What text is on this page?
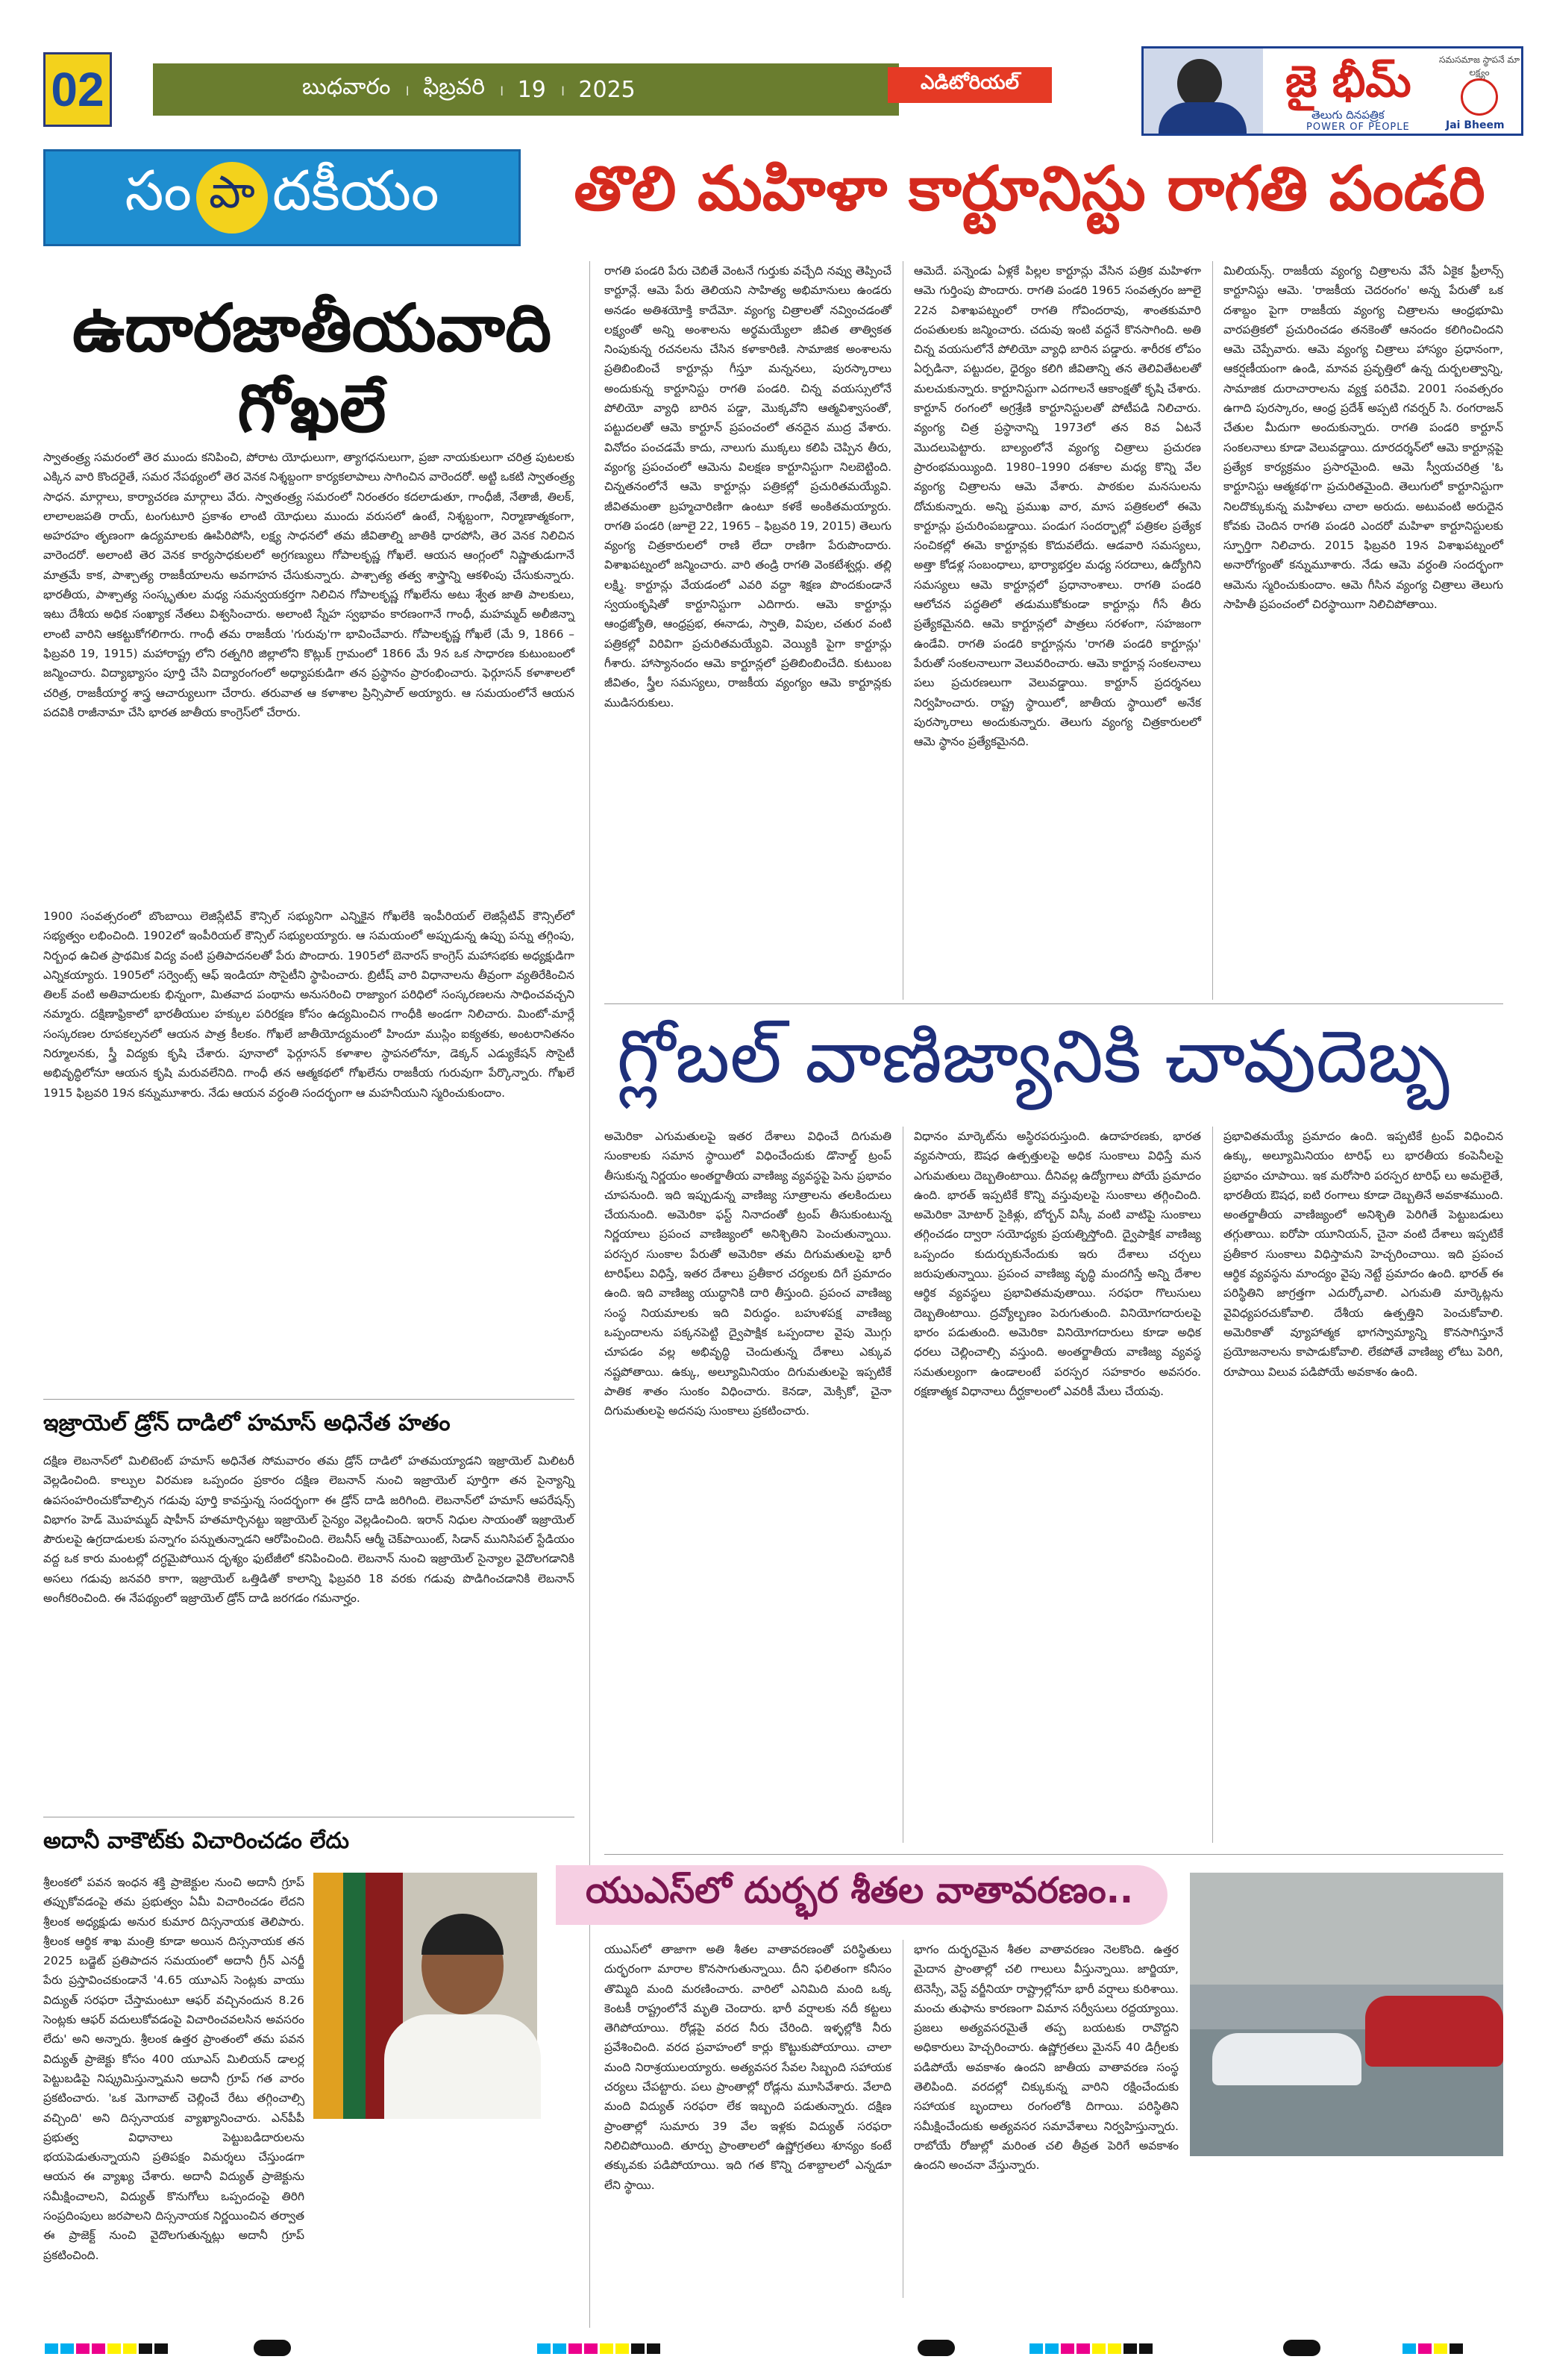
02	బుధవారం । ఫిబ్రవరి । 19 । 2025	ఎడిటోరియల్	జై భీమ్
తెలుగు దినపత్రిక
POWER OF PEOPLE
సమసమాజ స్థాపనే మా లక్ష్యం
Jai Bheem
సం పా దకీయం
ఉదారజాతీయవాది
గోఖలే
స్వాతంత్ర్య సమరంలో తెర ముందు కనిపించి, పోరాట యోధులుగా, త్యాగధనులుగా, ప్రజా నాయకులుగా చరిత్ర పుటలకు ఎక్కిన వారి కొందరైతే, సమర నేపథ్యంలో తెర వెనక నిశ్శబ్దంగా కార్యకలాపాలు సాగించిన వారెందరో. అట్టి ఒకటి స్వాతంత్ర్య సాధన. మార్గాలు, కార్యాచరణ మార్గాలు వేరు. స్వాతంత్ర్య సమరంలో నిరంతరం కదలాడుతూ, గాంధీజీ, నేతాజీ, తిలక్, లాలాలజపతి రాయ్, టంగుటూరి ప్రకాశం లాంటి యోధులు ముందు వరుసలో ఉంటే, నిశ్శబ్దంగా, నిర్మాణాత్మకంగా, అహరహం తృణంగా ఉద్యమాలకు ఊపిరిపోసి, లక్ష్య సాధనలో తమ జీవితాల్ని జాతికి ధారపోసి, తెర వెనక నిలిచిన వారెందరో. అలాంటి తెర వెనక కార్యసాధకులలో అగ్రగణ్యులు గోపాలకృష్ణ గోఖలే. ఆయన ఆంగ్లంలో నిష్ణాతుడుగానే మాత్రమే కాక, పాశ్చాత్య రాజకీయాలను అవగాహన చేసుకున్నారు. పాశ్చాత్య తత్వ శాస్త్రాన్ని ఆకళింపు చేసుకున్నారు. భారతీయ, పాశ్చాత్య సంస్కృతుల మధ్య సమన్వయకర్తగా నిలిచిన గోపాలకృష్ణ గోఖలేను అటు శ్వేత జాతి పాలకులు, ఇటు దేశీయ అధిక సంఖ్యాక నేతలు విశ్వసించారు. అలాంటి స్నేహ స్వభావం కారణంగానే గాంధీ, మహమ్మద్ అలీజిన్నా లాంటి వారిని ఆకట్టుకోగలిగారు. గాంధీ తమ రాజకీయ 'గురువు'గా భావించేవారు. గోపాలకృష్ణ గోఖలే (మే 9, 1866 – ఫిబ్రవరి 19, 1915) మహారాష్ట్ర లోని రత్నగిరి జిల్లాలోని కొట్లుక్ గ్రామంలో 1866 మే 9న ఒక సాధారణ కుటుంబంలో జన్మించారు. విద్యాభ్యాసం పూర్తి చేసి విద్యారంగంలో అధ్యాపకుడిగా తన ప్రస్థానం ప్రారంభించారు. ఫెర్గూసన్ కళాశాలలో చరిత్ర, రాజకీయార్థ శాస్త్ర ఆచార్యులుగా చేరారు. తరువాత ఆ కళాశాల ప్రిన్సిపాల్ అయ్యారు. ఆ సమయంలోనే ఆయన పదవికి రాజీనామా చేసి భారత జాతీయ కాంగ్రెస్‌లో చేరారు.
1900 సంవత్సరంలో బొంబాయి లెజిస్లేటివ్ కౌన్సిల్ సభ్యునిగా ఎన్నికైన గోఖలేకి ఇంపీరియల్ లెజిస్లేటివ్ కౌన్సిల్‌లో సభ్యత్వం లభించింది. 1902లో ఇంపీరియల్ కౌన్సిల్ సభ్యులయ్యారు. ఆ సమయంలో అప్పుడున్న ఉప్పు పన్ను తగ్గింపు, నిర్బంధ ఉచిత ప్రాథమిక విద్య వంటి ప్రతిపాదనలతో పేరు పొందారు. 1905లో బెనారస్ కాంగ్రెస్ మహాసభకు అధ్యక్షుడిగా ఎన్నికయ్యారు. 1905లో సర్వెంట్స్ ఆఫ్ ఇండియా సొసైటీని స్థాపించారు. బ్రిటీష్ వారి విధానాలను తీవ్రంగా వ్యతిరేకించిన తిలక్ వంటి అతివాదులకు భిన్నంగా, మితవాద పంథాను అనుసరించి రాజ్యాంగ పరిధిలో సంస్కరణలను సాధించవచ్చని నమ్మారు. దక్షిణాఫ్రికాలో భారతీయుల హక్కుల పరిరక్షణ కోసం ఉద్యమించిన గాంధీకి అండగా నిలిచారు. మింటో-మార్లే సంస్కరణల రూపకల్పనలో ఆయన పాత్ర కీలకం. గోఖలే జాతీయోద్యమంలో హిందూ ముస్లిం ఐక్యతకు, అంటరానితనం నిర్మూలనకు, స్త్రీ విద్యకు కృషి చేశారు. పూనాలో ఫెర్గూసన్ కళాశాల స్థాపనలోనూ, డెక్కన్ ఎడ్యుకేషన్ సొసైటీ అభివృద్ధిలోనూ ఆయన కృషి మరువలేనిది. గాంధీ తన ఆత్మకథలో గోఖలేను రాజకీయ గురువుగా పేర్కొన్నారు. గోఖలే 1915 ఫిబ్రవరి 19న కన్నుమూశారు. నేడు ఆయన వర్ధంతి సందర్భంగా ఆ మహనీయుని స్మరించుకుందాం.
ఇజ్రాయెల్ డ్రోన్ దాడిలో హమాస్ అధినేత హతం
దక్షిణ లెబనాన్‌లో మిలిటెంట్ హమాస్ అధినేత సోమవారం తమ డ్రోన్ దాడిలో హతమయ్యాడని ఇజ్రాయెల్ మిలిటరీ వెల్లడించింది. కాల్పుల విరమణ ఒప్పందం ప్రకారం దక్షిణ లెబనాన్ నుంచి ఇజ్రాయెల్ పూర్తిగా తన సైన్యాన్ని ఉపసంహరించుకోవాల్సిన గడువు పూర్తి కావస్తున్న సందర్భంగా ఈ డ్రోన్ దాడి జరిగింది. లెబనాన్‌లో హమాస్ ఆపరేషన్స్ విభాగం హెడ్ మొహమ్మద్ షాహీన్ హతమార్చినట్టు ఇజ్రాయెల్ సైన్యం వెల్లడించింది. ఇరాన్ నిధుల సాయంతో ఇజ్రాయెల్ పౌరులపై ఉగ్రదాడులకు పన్నాగం పన్నుతున్నాడని ఆరోపించింది. లెబనీస్ ఆర్మీ చెక్‌పాయింట్, సిడాన్ మునిసిపల్ స్టేడియం వద్ద ఒక కారు మంటల్లో దగ్ధమైపోయిన దృశ్యం ఫుటేజీలో కనిపించింది. లెబనాన్ నుంచి ఇజ్రాయెల్ సైన్యాల వైదొలగడానికి అసలు గడువు జనవరి కాగా, ఇజ్రాయెల్ ఒత్తిడితో కాలాన్ని ఫిబ్రవరి 18 వరకు గడువు పొడిగించడానికి లెబనాన్ అంగీకరించింది. ఈ నేపథ్యంలో ఇజ్రాయెల్ డ్రోన్ దాడి జరగడం గమనార్హం.
అదానీ వాకౌట్‌కు విచారించడం లేదు
శ్రీలంకలో పవన ఇంధన శక్తి ప్రాజెక్టుల నుంచి అదానీ గ్రూప్ తప్పుకోవడంపై తమ ప్రభుత్వం ఏమీ విచారించడం లేదని శ్రీలంక అధ్యక్షుడు అనుర కుమార దిస్సనాయక తెలిపారు. శ్రీలంక ఆర్థిక శాఖ మంత్రి కూడా అయిన దిస్సనాయక తన 2025 బడ్జెట్ ప్రతిపాదన సమయంలో అదానీ గ్రీన్ ఎనర్జీ పేరు ప్రస్తావించకుండానే '4.65 యూఎస్ సెంట్లకు వాయు విద్యుత్ సరఫరా చేస్తామంటూ ఆఫర్ వచ్చినందున 8.26 సెంట్లకు ఆఫర్ వదులుకోవడంపై విచారించవలసిన అవసరం లేదు' అని అన్నారు. శ్రీలంక ఉత్తర ప్రాంతంలో తమ పవన విద్యుత్ ప్రాజెక్టు కోసం 400 యూఎస్ మిలియన్ డాలర్ల పెట్టుబడిపై నిష్క్రమిస్తున్నామని అదానీ గ్రూప్ గత వారం ప్రకటించారు. 'ఒక మెగావాట్ చెల్లించే రేటు తగ్గించాల్సి వచ్చింది' అని దిస్సనాయక వ్యాఖ్యానించారు. ఎన్‌పీపీ ప్రభుత్వ విధానాలు పెట్టుబడిదారులను భయపెడుతున్నాయని ప్రతిపక్షం విమర్శలు చేస్తుండగా ఆయన ఈ వ్యాఖ్య చేశారు. అదానీ విద్యుత్ ప్రాజెక్టును సమీక్షించాలని, విద్యుత్ కొనుగోలు ఒప్పందంపై తిరిగి సంప్రదింపులు జరపాలని దిస్సనాయక నిర్ణయించిన తర్వాత ఈ ప్రాజెక్ట్ నుంచి వైదొలగుతున్నట్లు అదానీ గ్రూప్ ప్రకటించింది.
తొలి మహిళా కార్టూనిస్టు రాగతి పండరి
రాగతి పండరి పేరు చెబితే వెంటనే గుర్తుకు వచ్చేది నవ్వు తెప్పించే కార్టూన్లే. ఆమె పేరు తెలియని సాహిత్య అభిమానులు ఉండరు అనడం అతిశయోక్తి కాదేమో. వ్యంగ్య చిత్రాలతో నవ్వించడంతో లక్ష్యంతో అన్ని అంశాలను అర్థమయ్యేలా జీవిత తాత్వికత నింపుకున్న రచనలను చేసిన కళాకారిణి. సామాజిక అంశాలను ప్రతిబింబించే కార్టూన్లు గీస్తూ మన్ననలు, పురస్కారాలు అందుకున్న కార్టూనిస్టు రాగతి పండరి. చిన్న వయస్సులోనే పోలియో వ్యాధి బారిన పడ్డా, మొక్కవోని ఆత్మవిశ్వాసంతో, పట్టుదలతో ఆమె కార్టూన్ ప్రపంచంలో తనదైన ముద్ర వేశారు. వినోదం పంచడమే కాదు, నాలుగు ముక్కలు కలిపి చెప్పిన తీరు, వ్యంగ్య ప్రపంచంలో ఆమెను విలక్షణ కార్టూనిస్టుగా నిలబెట్టింది. చిన్నతనంలోనే ఆమె కార్టూన్లు పత్రికల్లో ప్రచురితమయ్యేవి. జీవితమంతా బ్రహ్మచారిణిగా ఉంటూ కళకే అంకితమయ్యారు. రాగతి పండరి (జూలై 22, 1965 – ఫిబ్రవరి 19, 2015) తెలుగు వ్యంగ్య చిత్రకారులలో రాణి లేదా రాణిగా పేరుపొందారు. విశాఖపట్నంలో జన్మించారు. వారి తండ్రి రాగతి వెంకటేశ్వర్లు. తల్లి లక్ష్మి. కార్టూన్లు వేయడంలో ఎవరి వద్దా శిక్షణ పొందకుండానే స్వయంకృషితో కార్టూనిస్టుగా ఎదిగారు. ఆమె కార్టూన్లు ఆంధ్రజ్యోతి, ఆంధ్రప్రభ, ఈనాడు, స్వాతి, విపుల, చతుర వంటి పత్రికల్లో విరివిగా ప్రచురితమయ్యేవి. వెయ్యికి పైగా కార్టూన్లు గీశారు. హాస్యానందం ఆమె కార్టూన్లలో ప్రతిబింబించేది. కుటుంబ జీవితం, స్త్రీల సమస్యలు, రాజకీయ వ్యంగ్యం ఆమె కార్టూన్లకు ముడిసరుకులు.
ఆమెదే. పన్నెండు ఏళ్లకే పిల్లల కార్టూన్లు వేసిన పత్రిక మహిళగా ఆమె గుర్తింపు పొందారు. రాగతి పండరి 1965 సంవత్సరం జూలై 22న విశాఖపట్నంలో రాగతి గోవిందరావు, శాంతకుమారి దంపతులకు జన్మించారు. చదువు ఇంటి వద్దనే కొనసాగింది. అతి చిన్న వయసులోనే పోలియో వ్యాధి బారిన పడ్డారు. శారీరక లోపం ఏర్పడినా, పట్టుదల, ధైర్యం కలిగి జీవితాన్ని తన తెలివితేటలతో మలచుకున్నారు. కార్టూనిస్టుగా ఎదగాలనే ఆకాంక్షతో కృషి చేశారు. కార్టూన్ రంగంలో అగ్రశ్రేణి కార్టూనిస్టులతో పోటీపడి నిలిచారు. వ్యంగ్య చిత్ర ప్రస్థానాన్ని 1973లో తన 8వ ఏటనే మొదలుపెట్టారు. బాల్యంలోనే వ్యంగ్య చిత్రాలు ప్రచురణ ప్రారంభమయ్యింది. 1980–1990 దశకాల మధ్య కొన్ని వేల వ్యంగ్య చిత్రాలను ఆమె వేశారు. పాఠకుల మనసులను దోచుకున్నారు. అన్ని ప్రముఖ వార, మాస పత్రికలలో ఈమె కార్టూన్లు ప్రచురింపబడ్డాయి. పండుగ సందర్భాల్లో పత్రికల ప్రత్యేక సంచికల్లో ఈమె కార్టూన్లకు కొదువలేదు. ఆడవారి సమస్యలు, అత్తా కోడళ్ల సంబంధాలు, భార్యాభర్తల మధ్య సరదాలు, ఉద్యోగిని సమస్యలు ఆమె కార్టూన్లలో ప్రధానాంశాలు. రాగతి పండరి ఆలోచన పద్ధతిలో తడుముకోకుండా కార్టూన్లు గీసే తీరు ప్రత్యేకమైనది. ఆమె కార్టూన్లలో పాత్రలు సరళంగా, సహజంగా ఉండేవి. రాగతి పండరి కార్టూన్లను 'రాగతి పండరి కార్టూన్లు' పేరుతో సంకలనాలుగా వెలువరించారు. ఆమె కార్టూన్ల సంకలనాలు పలు ప్రచురణలుగా వెలువడ్డాయి. కార్టూన్ ప్రదర్శనలు నిర్వహించారు. రాష్ట్ర స్థాయిలో, జాతీయ స్థాయిలో అనేక పురస్కారాలు అందుకున్నారు. తెలుగు వ్యంగ్య చిత్రకారులలో ఆమె స్థానం ప్రత్యేకమైనది.
మిలియన్స్. రాజకీయ వ్యంగ్య చిత్రాలను వేసే ఏకైక ఫ్రీలాన్స్ కార్టూనిస్టు ఆమె. 'రాజకీయ చెదరంగం' అన్న పేరుతో ఒక దశాబ్దం పైగా రాజకీయ వ్యంగ్య చిత్రాలను ఆంధ్రభూమి వారపత్రికలో ప్రచురించడం తనకెంతో ఆనందం కలిగించిందని ఆమె చెప్పేవారు. ఆమె వ్యంగ్య చిత్రాలు హాస్యం ప్రధానంగా, ఆకర్షణీయంగా ఉండి, మానవ ప్రవృత్తిలో ఉన్న దుర్బలత్వాన్ని, సామాజిక దురాచారాలను వ్యక్త పరిచేవి. 2001 సంవత్సరం ఉగాది పురస్కారం, ఆంధ్ర ప్రదేశ్ అప్పటి గవర్నర్ సి. రంగరాజన్ చేతుల మీదుగా అందుకున్నారు. రాగతి పండరి కార్టూన్ సంకలనాలు కూడా వెలువడ్డాయి. దూరదర్శన్‌లో ఆమె కార్టూన్లపై ప్రత్యేక కార్యక్రమం ప్రసారమైంది. ఆమె స్వీయచరిత్ర 'ఓ కార్టూనిస్టు ఆత్మకథ'గా ప్రచురితమైంది. తెలుగులో కార్టూనిస్టుగా నిలదొక్కుకున్న మహిళలు చాలా అరుదు. అటువంటి అరుదైన కోవకు చెందిన రాగతి పండరి ఎందరో మహిళా కార్టూనిస్టులకు స్ఫూర్తిగా నిలిచారు. 2015 ఫిబ్రవరి 19న విశాఖపట్నంలో అనారోగ్యంతో కన్నుమూశారు. నేడు ఆమె వర్ధంతి సందర్భంగా ఆమెను స్మరించుకుందాం. ఆమె గీసిన వ్యంగ్య చిత్రాలు తెలుగు సాహితీ ప్రపంచంలో చిరస్థాయిగా నిలిచిపోతాయి.
గ్లోబల్ వాణిజ్యానికి చావుదెబ్బ
అమెరికా ఎగుమతులపై ఇతర దేశాలు విధించే దిగుమతి సుంకాలకు సమాన స్థాయిలో విధించేందుకు డొనాల్డ్ ట్రంప్ తీసుకున్న నిర్ణయం అంతర్జాతీయ వాణిజ్య వ్యవస్థపై పెను ప్రభావం చూపనుంది. ఇది ఇప్పుడున్న వాణిజ్య సూత్రాలను తలకిందులు చేయనుంది. అమెరికా ఫస్ట్ నినాదంతో ట్రంప్ తీసుకుంటున్న నిర్ణయాలు ప్రపంచ వాణిజ్యంలో అనిశ్చితిని పెంచుతున్నాయి. పరస్పర సుంకాల పేరుతో అమెరికా తమ దిగుమతులపై భారీ టారిఫ్‌లు విధిస్తే, ఇతర దేశాలు ప్రతీకార చర్యలకు దిగే ప్రమాదం ఉంది. ఇది వాణిజ్య యుద్ధానికి దారి తీస్తుంది. ప్రపంచ వాణిజ్య సంస్థ నియమాలకు ఇది విరుద్ధం. బహుళపక్ష వాణిజ్య ఒప్పందాలను పక్కనపెట్టి ద్వైపాక్షిక ఒప్పందాల వైపు మొగ్గు చూపడం వల్ల అభివృద్ధి చెందుతున్న దేశాలు ఎక్కువ నష్టపోతాయి. ఉక్కు, అల్యూమినియం దిగుమతులపై ఇప్పటికే పాతిక శాతం సుంకం విధించారు. కెనడా, మెక్సికో, చైనా దిగుమతులపై అదనపు సుంకాలు ప్రకటించారు.
విధానం మార్కెట్‌ను అస్థిరపరుస్తుంది. ఉదాహరణకు, భారత వ్యవసాయ, ఔషధ ఉత్పత్తులపై అధిక సుంకాలు విధిస్తే మన ఎగుమతులు దెబ్బతింటాయి. దీనివల్ల ఉద్యోగాలు పోయే ప్రమాదం ఉంది. భారత్ ఇప్పటికే కొన్ని వస్తువులపై సుంకాలు తగ్గించింది. అమెరికా మోటార్ సైకిళ్లు, బోర్బన్ విస్కీ వంటి వాటిపై సుంకాలు తగ్గించడం ద్వారా సయోధ్యకు ప్రయత్నిస్తోంది. ద్వైపాక్షిక వాణిజ్య ఒప్పందం కుదుర్చుకునేందుకు ఇరు దేశాలు చర్చలు జరుపుతున్నాయి. ప్రపంచ వాణిజ్య వృద్ధి మందగిస్తే అన్ని దేశాల ఆర్థిక వ్యవస్థలు ప్రభావితమవుతాయి. సరఫరా గొలుసులు దెబ్బతింటాయి. ద్రవ్యోల్బణం పెరుగుతుంది. వినియోగదారులపై భారం పడుతుంది. అమెరికా వినియోగదారులు కూడా అధిక ధరలు చెల్లించాల్సి వస్తుంది. అంతర్జాతీయ వాణిజ్య వ్యవస్థ సమతుల్యంగా ఉండాలంటే పరస్పర సహకారం అవసరం. రక్షణాత్మక విధానాలు దీర్ఘకాలంలో ఎవరికీ మేలు చేయవు.
ప్రభావితమయ్యే ప్రమాదం ఉంది. ఇప్పటికే ట్రంప్ విధించిన ఉక్కు, అల్యూమినియం టారిఫ్ లు భారతీయ కంపెనీలపై ప్రభావం చూపాయి. ఇక మరోసారి పరస్పర టారిఫ్ లు అమలైతే, భారతీయ ఔషధ, ఐటి రంగాలు కూడా దెబ్బతినే అవకాశముంది. అంతర్జాతీయ వాణిజ్యంలో అనిశ్చితి పెరిగితే పెట్టుబడులు తగ్గుతాయి. ఐరోపా యూనియన్, చైనా వంటి దేశాలు ఇప్పటికే ప్రతీకార సుంకాలు విధిస్తామని హెచ్చరించాయి. ఇది ప్రపంచ ఆర్థిక వ్యవస్థను మాంద్యం వైపు నెట్టే ప్రమాదం ఉంది. భారత్ ఈ పరిస్థితిని జాగ్రత్తగా ఎదుర్కోవాలి. ఎగుమతి మార్కెట్లను వైవిధ్యపరచుకోవాలి. దేశీయ ఉత్పత్తిని పెంచుకోవాలి. అమెరికాతో వ్యూహాత్మక భాగస్వామ్యాన్ని కొనసాగిస్తూనే ప్రయోజనాలను కాపాడుకోవాలి. లేకపోతే వాణిజ్య లోటు పెరిగి, రూపాయి విలువ పడిపోయే అవకాశం ఉంది.
యుఎస్‌లో దుర్భర శీతల వాతావరణం..
యుఎస్‌లో తాజాగా అతి శీతల వాతావరణంతో పరిస్థితులు దుర్భరంగా మారాల కొనసాగుతున్నాయి. దీని ఫలితంగా కనీసం తొమ్మిది మంది మరణించారు. వారిలో ఎనిమిది మంది ఒక్క కెంటకీ రాష్ట్రంలోనే మృతి చెందారు. భారీ వర్షాలకు నదీ కట్టలు తెగిపోయాయి. రోడ్లపై వరద నీరు చేరింది. ఇళ్ళల్లోకి నీరు ప్రవేశించింది. వరద ప్రవాహంలో కార్లు కొట్టుకుపోయాయి. చాలా మంది నిరాశ్రయులయ్యారు. అత్యవసర సేవల సిబ్బంది సహాయక చర్యలు చేపట్టారు. పలు ప్రాంతాల్లో రోడ్లను మూసివేశారు. వేలాది మంది విద్యుత్ సరఫరా లేక ఇబ్బంది పడుతున్నారు. దక్షిణ ప్రాంతాల్లో సుమారు 39 వేల ఇళ్లకు విద్యుత్ సరఫరా నిలిచిపోయింది. తూర్పు ప్రాంతాలలో ఉష్ణోగ్రతలు శూన్యం కంటే తక్కువకు పడిపోయాయి. ఇది గత కొన్ని దశాబ్దాలలో ఎన్నడూ లేని స్థాయి.
భాగం దుర్భరమైన శీతల వాతావరణం నెలకొంది. ఉత్తర మైదాన ప్రాంతాల్లో చలి గాలులు వీస్తున్నాయి. జార్జియా, టెనెస్సీ, వెస్ట్ వర్జీనియా రాష్ట్రాల్లోనూ భారీ వర్షాలు కురిశాయి. మంచు తుఫాను కారణంగా విమాన సర్వీసులు రద్దయ్యాయి. ప్రజలు అత్యవసరమైతే తప్ప బయటకు రావొద్దని అధికారులు హెచ్చరించారు. ఉష్ణోగ్రతలు మైనస్ 40 డిగ్రీలకు పడిపోయే అవకాశం ఉందని జాతీయ వాతావరణ సంస్థ తెలిపింది. వరదల్లో చిక్కుకున్న వారిని రక్షించేందుకు సహాయక బృందాలు రంగంలోకి దిగాయి. పరిస్థితిని సమీక్షించేందుకు అత్యవసర సమావేశాలు నిర్వహిస్తున్నారు. రాబోయే రోజుల్లో మరింత చలి తీవ్రత పెరిగే అవకాశం ఉందని అంచనా వేస్తున్నారు.
